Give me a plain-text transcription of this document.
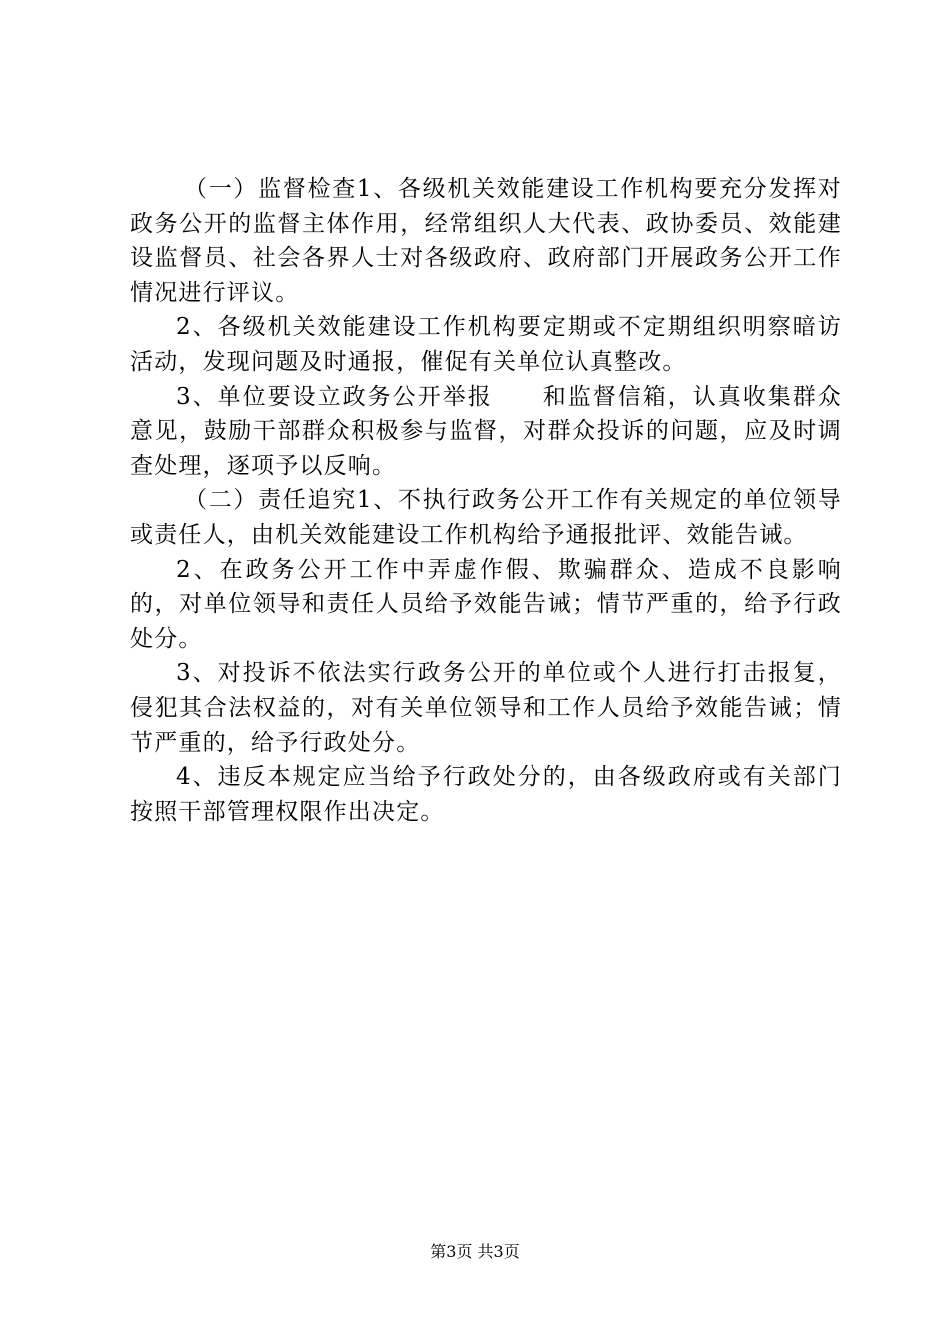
（一）监督检查1、各级机关效能建设工作机构要充分发挥对政务公开的监督主体作用，经常组织人大代表、政协委员、效能建设监督员、社会各界人士对各级政府、政府部门开展政务公开工作情况进行评议。

2、各级机关效能建设工作机构要定期或不定期组织明察暗访活动，发现问题及时通报，催促有关单位认真整改。

3、单位要设立政务公开举报　　和监督信箱，认真收集群众意见，鼓励干部群众积极参与监督，对群众投诉的问题，应及时调查处理，逐项予以反响。

（二）责任追究1、不执行政务公开工作有关规定的单位领导或责任人，由机关效能建设工作机构给予通报批评、效能告诫。

2、在政务公开工作中弄虚作假、欺骗群众、造成不良影响的，对单位领导和责任人员给予效能告诫；情节严重的，给予行政处分。

3、对投诉不依法实行政务公开的单位或个人进行打击报复，侵犯其合法权益的，对有关单位领导和工作人员给予效能告诫；情节严重的，给予行政处分。

4、违反本规定应当给予行政处分的，由各级政府或有关部门按照干部管理权限作出决定。

第3页 共3页
